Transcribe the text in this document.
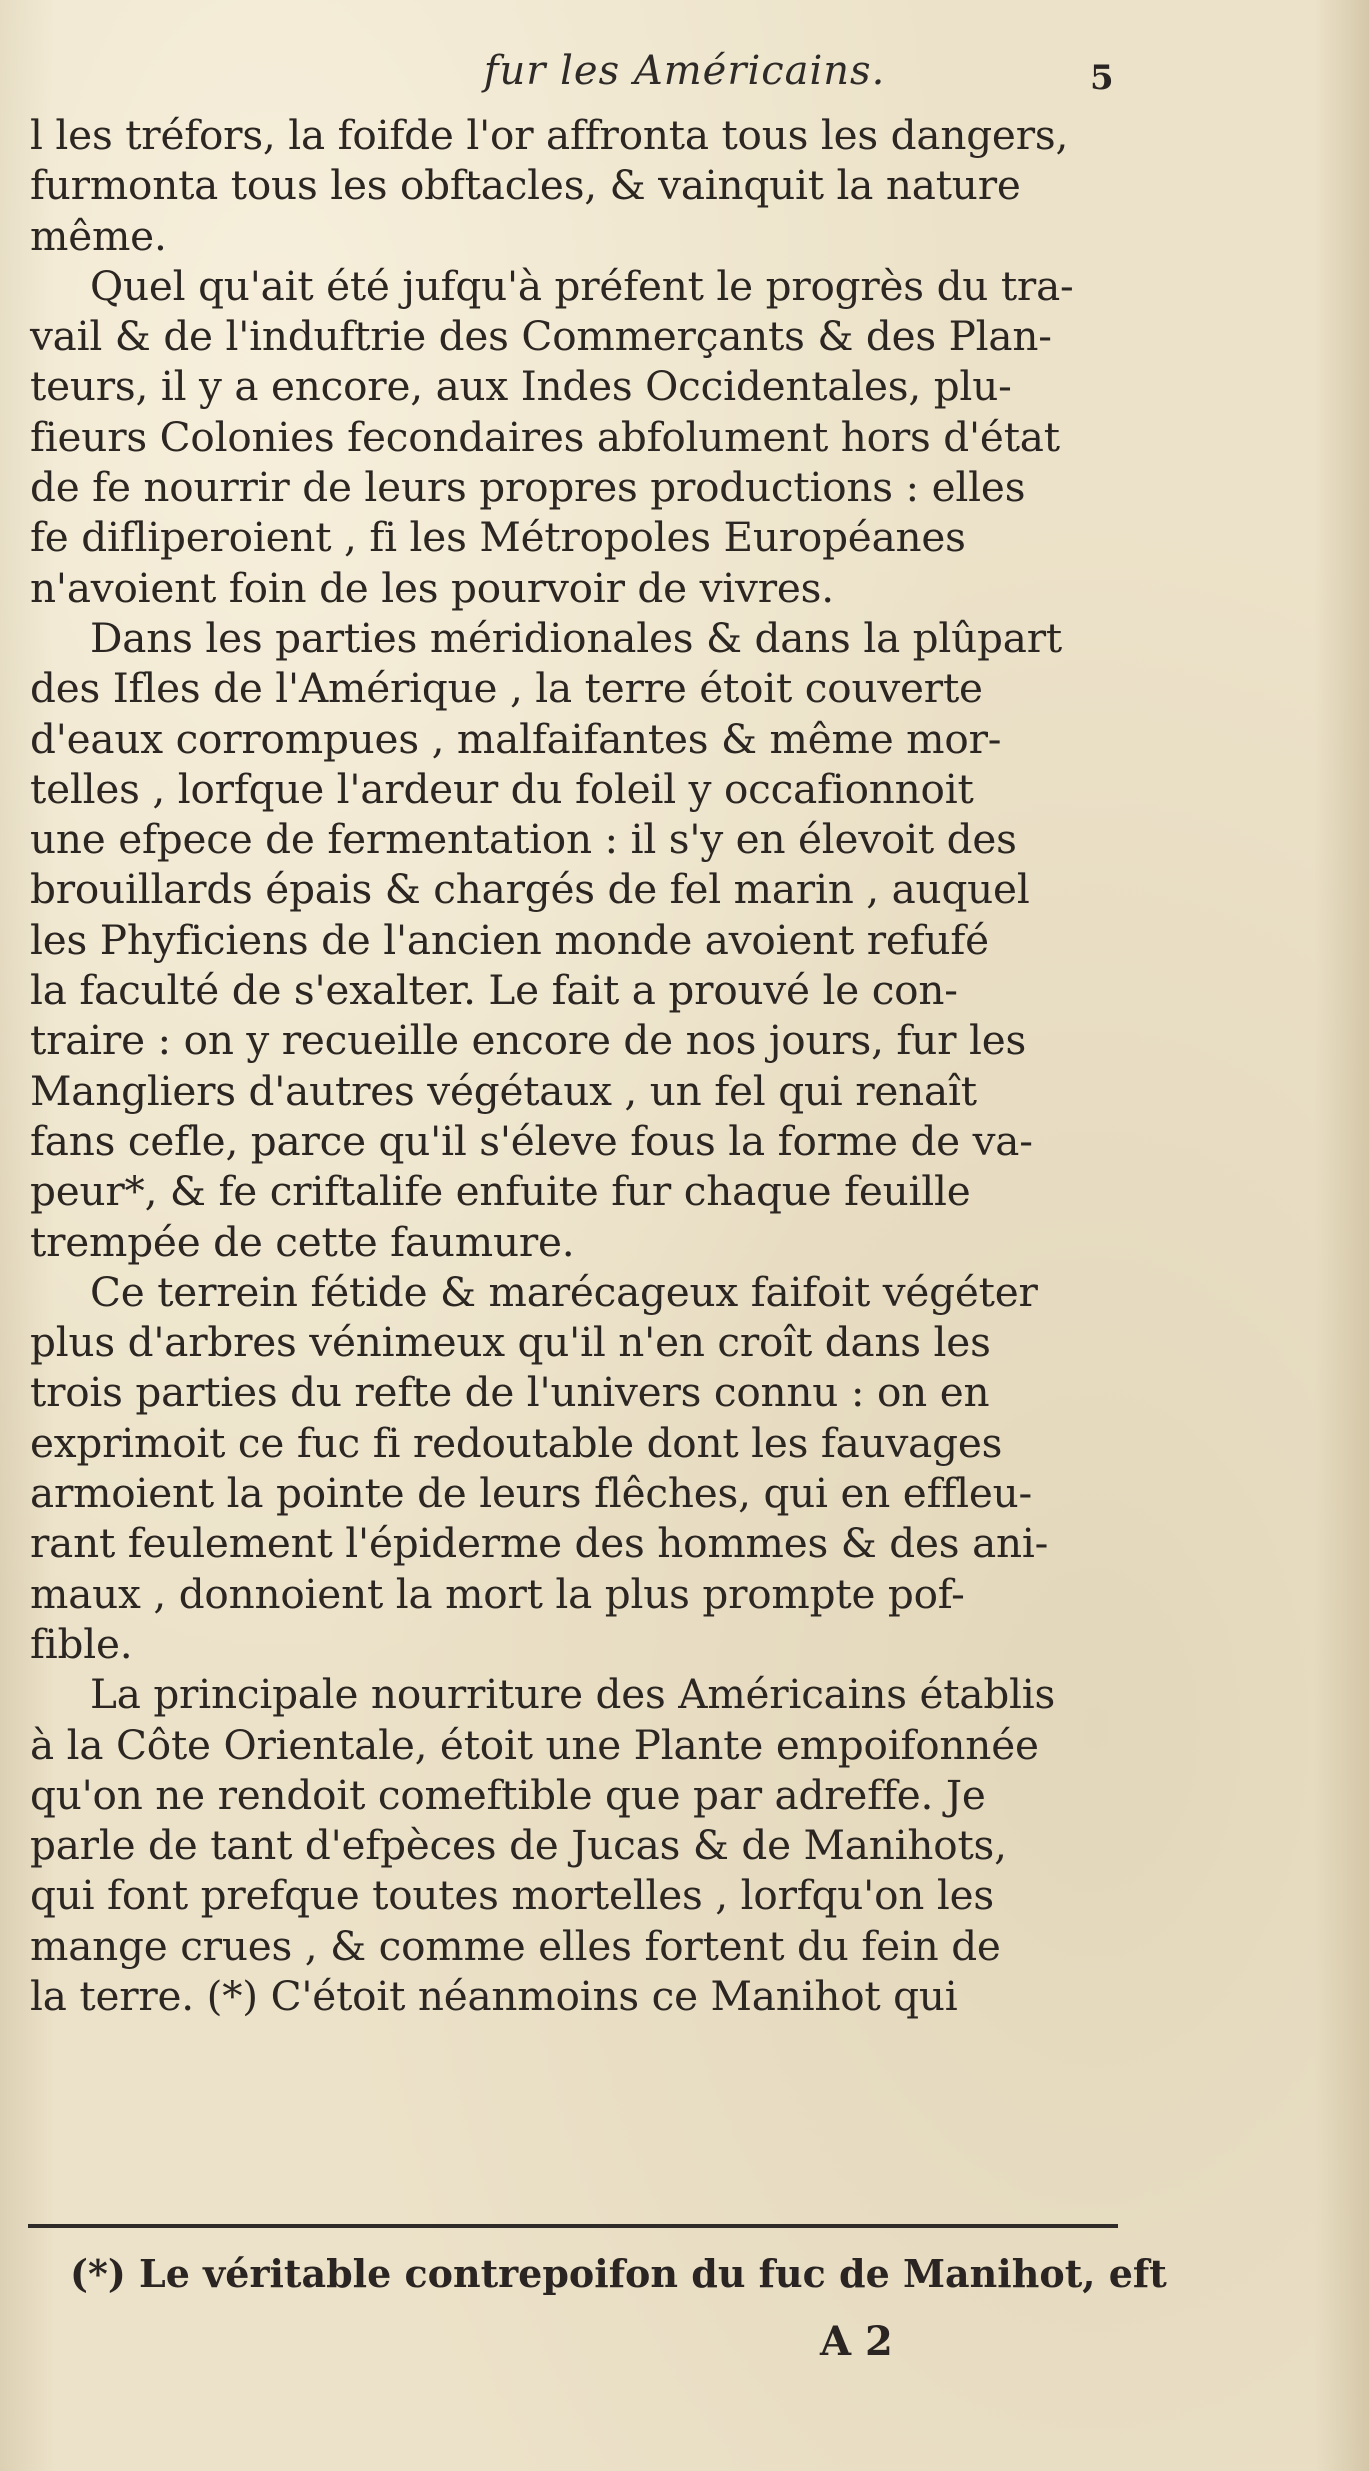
fur les Américains.	5
l les tréfors, la foifde l'or affronta tous les dangers,
furmonta tous les obftacles, & vainquit la nature
même.
Quel qu'ait été jufqu'à préfent le progrès du tra-
vail & de l'induftrie des Commerçants & des Plan-
teurs, il y a encore, aux Indes Occidentales, plu-
fieurs Colonies fecondaires abfolument hors d'état
de fe nourrir de leurs propres productions : elles
fe difliperoient , fi les Métropoles Européanes
n'avoient foin de les pourvoir de vivres.
Dans les parties méridionales & dans la plûpart
des Ifles de l'Amérique , la terre étoit couverte
d'eaux corrompues , malfaifantes & même mor-
telles , lorfque l'ardeur du foleil y occafionnoit
une efpece de fermentation : il s'y en élevoit des
brouillards épais & chargés de fel marin , auquel
les Phyficiens de l'ancien monde avoient refufé
la faculté de s'exalter. Le fait a prouvé le con-
traire : on y recueille encore de nos jours, fur les
Mangliers d'autres végétaux , un fel qui renaît
fans cefle, parce qu'il s'éleve fous la forme de va-
peur*, & fe criftalife enfuite fur chaque feuille
trempée de cette faumure.
Ce terrein fétide & marécageux faifoit végéter
plus d'arbres vénimeux qu'il n'en croît dans les
trois parties du refte de l'univers connu : on en
exprimoit ce fuc fi redoutable dont les fauvages
armoient la pointe de leurs flêches, qui en effleu-
rant feulement l'épiderme des hommes & des ani-
maux , donnoient la mort la plus prompte pof-
fible.
La principale nourriture des Américains établis
à la Côte Orientale, étoit une Plante empoifonnée
qu'on ne rendoit comeftible que par adreffe. Je
parle de tant d'efpèces de Jucas & de Manihots,
qui font prefque toutes mortelles , lorfqu'on les
mange crues , & comme elles fortent du fein de
la terre. (*) C'étoit néanmoins ce Manihot qui
(*) Le véritable contrepoifon du fuc de Manihot, eft
A 2
